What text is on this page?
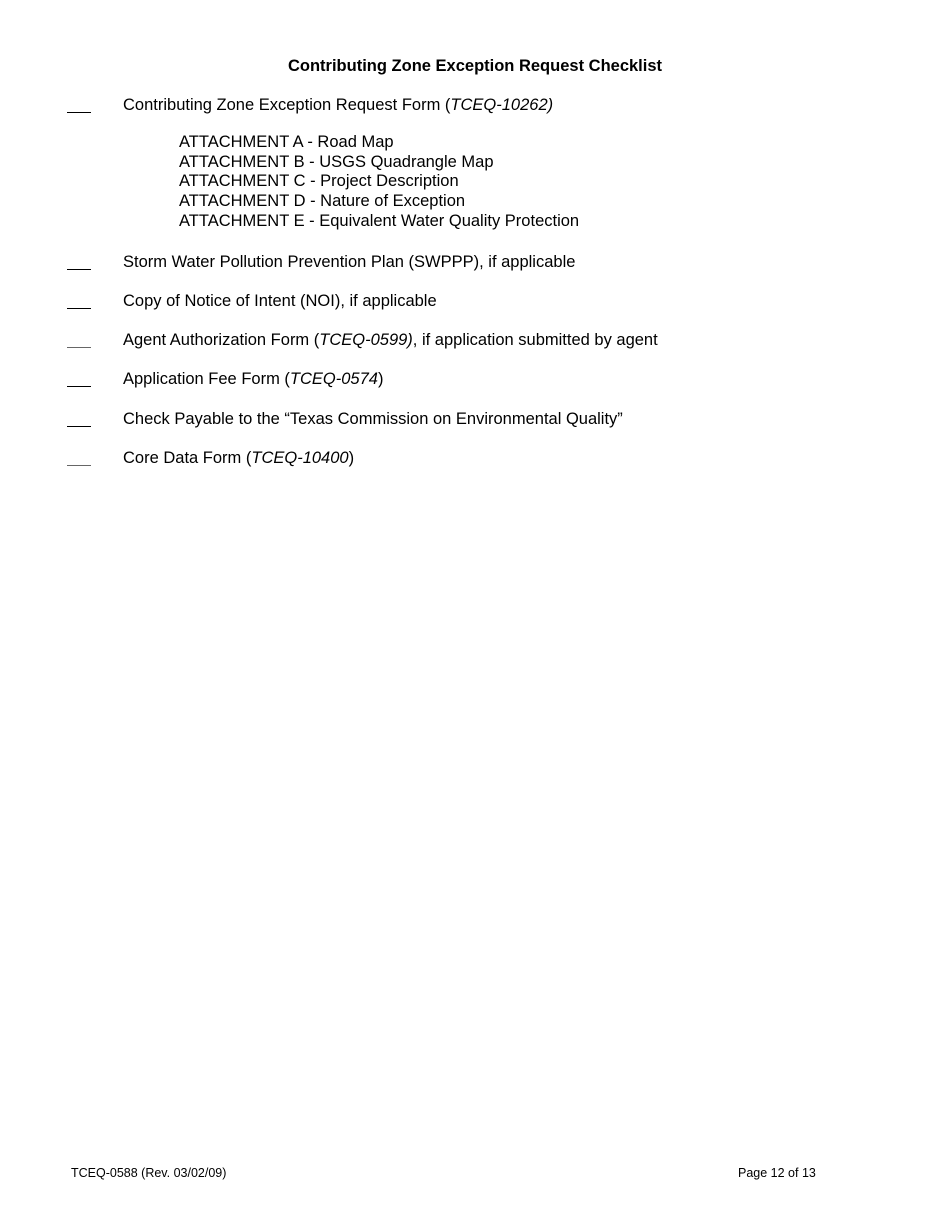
Contributing Zone Exception Request Checklist
Contributing Zone Exception Request Form (TCEQ-10262)
ATTACHMENT A - Road Map
ATTACHMENT B - USGS Quadrangle Map
ATTACHMENT C - Project Description
ATTACHMENT D - Nature of Exception
ATTACHMENT E - Equivalent Water Quality Protection
Storm Water Pollution Prevention Plan (SWPPP), if applicable
Copy of Notice of Intent (NOI), if applicable
Agent Authorization Form (TCEQ-0599), if application submitted by agent
Application Fee Form (TCEQ-0574)
Check Payable to the “Texas Commission on Environmental Quality”
Core Data Form (TCEQ-10400)
TCEQ-0588 (Rev. 03/02/09)	Page 12 of 13
